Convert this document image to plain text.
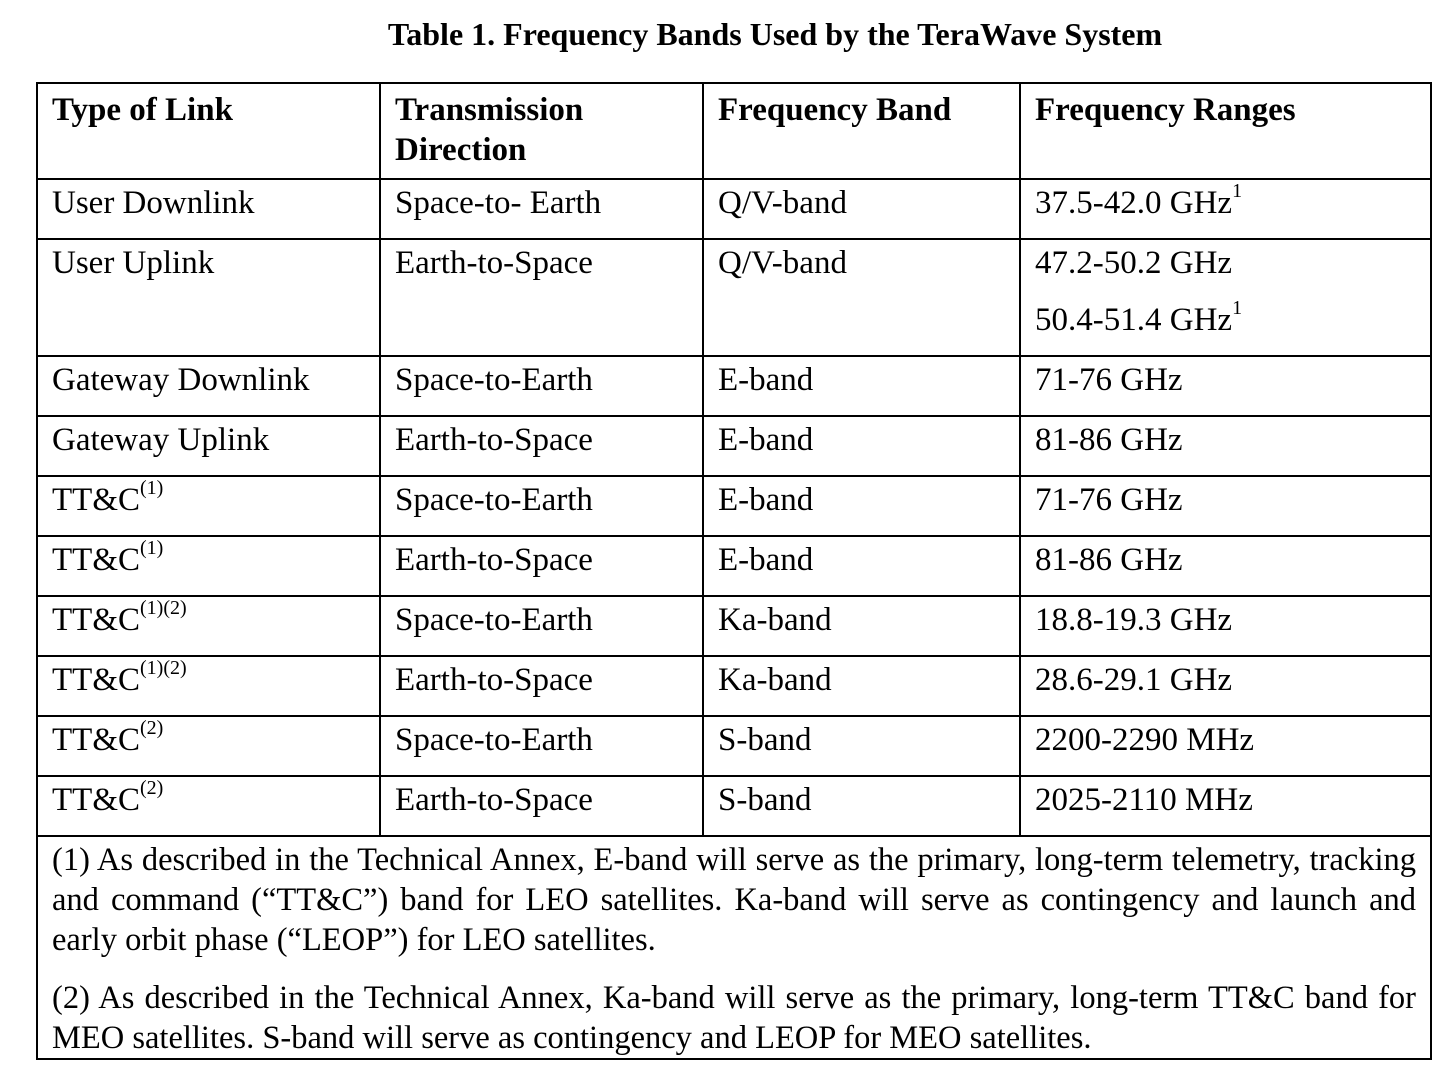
Table 1. Frequency Bands Used by the TeraWave System
Type of Link	Transmission Direction	Frequency Band	Frequency Ranges
User Downlink	Space-to- Earth	Q/V-band	37.5-42.0 GHz$^1$
User Uplink	Earth-to-Space	Q/V-band	47.2-50.2 GHz
50.4-51.4 GHz$^1$

Gateway Downlink	Space-to-Earth	E-band	71-76 GHz
Gateway Uplink	Earth-to-Space	E-band	81-86 GHz
$TT\&C^{(1)}$	Space-to-Earth	E-band	71-76 GHz
$TT\&C^{(1)}$	Earth-to-Space	E-band	81-86 GHz
$TT\&C^{(1)(2)}$	Space-to-Earth	Ka-band	18.8-19.3 GHz
$TT\&C^{(1)(2)}$	Earth-to-Space	Ka-band	28.6-29.1 GHz
$TT\&C^{(2)}$	Space-to-Earth	S-band	2200-2290 MHz
$TT\&C^{(2)}$	Earth-to-Space	S-band	2025-2110 MHz

(1) As described in the Technical Annex, E-band will serve as the primary, long-term telemetry, tracking and command (“TT&C”) band for LEO satellites. Ka-band will serve as contingency and launch and early orbit phase (“LEOP”) for LEO satellites.
(2) As described in the Technical Annex, Ka-band will serve as the primary, long-term TT&C band for MEO satellites. S-band will serve as contingency and LEOP for MEO satellites.			
